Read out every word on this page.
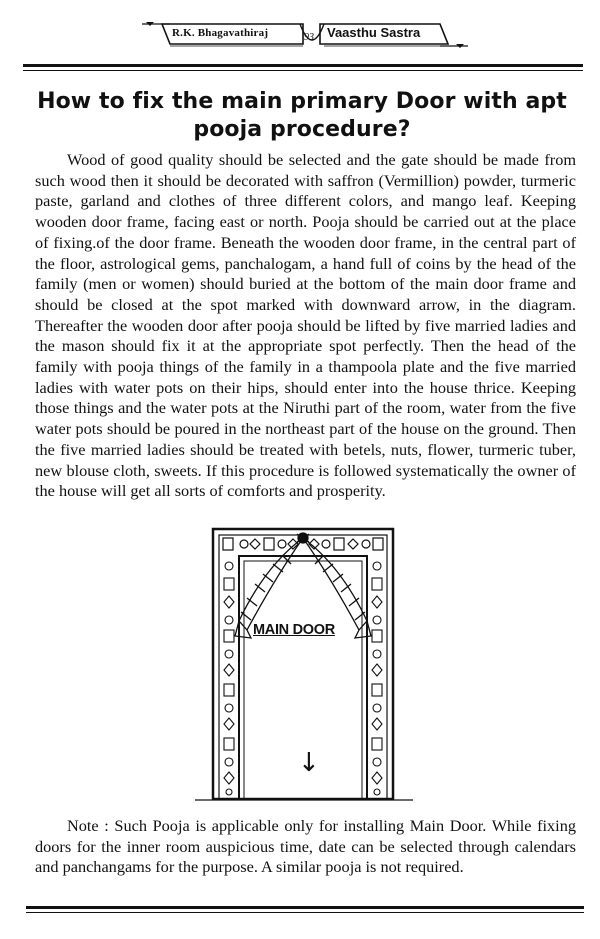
R.K. Bhagavathiraj	93 Vaasthu Sastra
How to fix the main primary Door with apt pooja procedure?

Wood of good quality should be selected and the gate should be made from such wood then it should be decorated with saffron (Vermillion) powder, turmeric paste, garland and clothes of three different colors, and mango leaf. Keeping wooden door frame, facing east or north. Pooja should be carried out at the place of fixing.of the door frame. Beneath the wooden door frame, in the central part of the floor, astrological gems, panchalogam, a hand full of coins by the head of the family (men or women) should buried at the bottom of the main door frame and should be closed at the spot marked with downward arrow, in the diagram. Thereafter the wooden door after pooja should be lifted by five married ladies and the mason should fix it at the appropriate spot perfectly. Then the head of the family with pooja things of the family in a thampoola plate and the five married ladies with water pots on their hips, should enter into the house thrice. Keeping those things and the water pots at the Niruthi part of the room, water from the five water pots should be poured in the northeast part of the house on the ground. Then the five married ladies should be treated with betels, nuts, flower, turmeric tuber, new blouse cloth, sweets. If this procedure is followed systematically the owner of the house will get all sorts of comforts and prosperity.

MAIN DOOR
↓

Note : Such Pooja is applicable only for installing Main Door. While fixing doors for the inner room auspicious time, date can be selected through calendars and panchangams for the purpose. A similar pooja is not required.
